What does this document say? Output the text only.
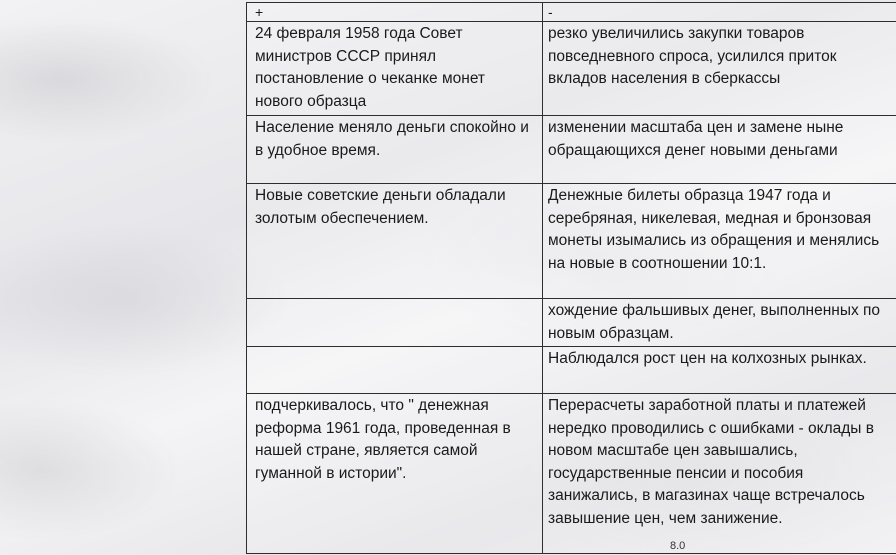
+	-
24 февраля 1958 года Совет министров СССР принял постановление о чеканке монет нового образца	резко увеличились закупки товаров повседневного спроса, усилился приток вкладов населения в сберкассы
Население меняло деньги спокойно и в удобное время.	изменении масштаба цен и замене ныне обращающихся денег новыми деньгами
Новые советские деньги обладали золотым обеспечением.	Денежные билеты образца 1947 года и серебряная, никелевая, медная и бронзовая монеты изымались из обращения и менялись на новые в соотношении 10:1.
	хождение фальшивых денег, выполненных по новым образцам.
	Наблюдался рост цен на колхозных рынках.
подчеркивалось, что " денежная реформа 1961 года, проведенная в нашей стране, является самой гуманной в истории".	Перерасчеты заработной платы и платежей нередко проводились с ошибками - оклады в новом масштабе цен завышались, государственные пенсии и пособия занижались, в магазинах чаще встречалось завышение цен, чем занижение.
8.0
